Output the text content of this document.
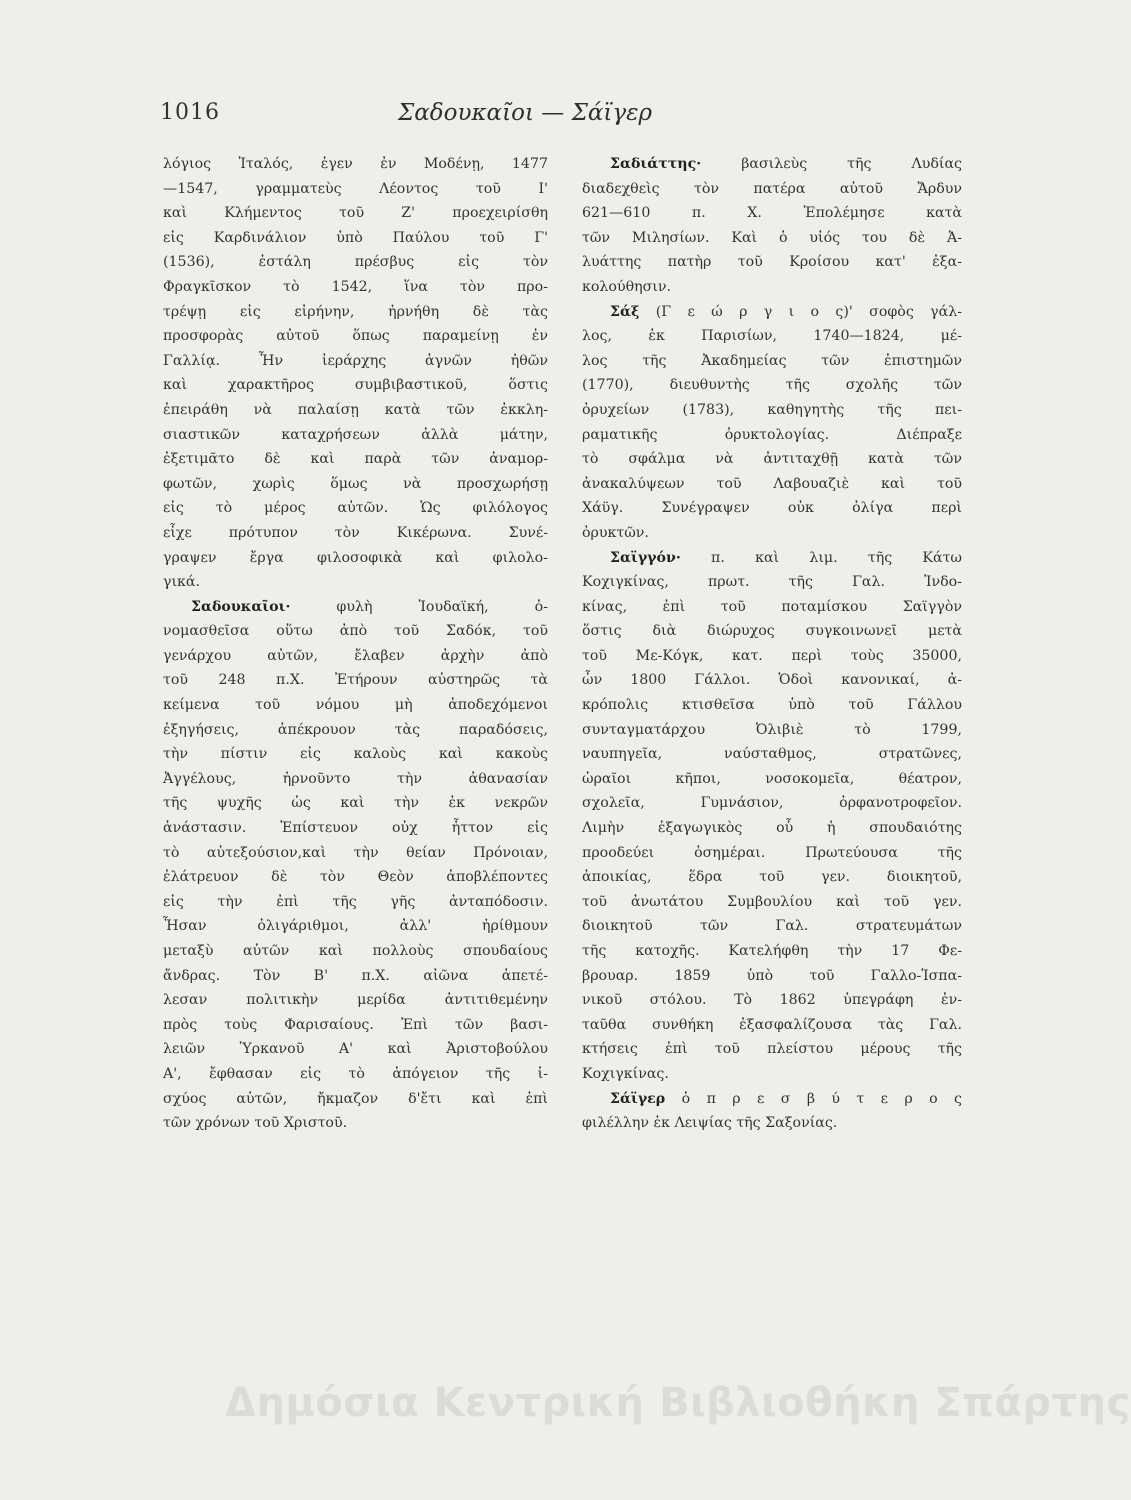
1016	Σαδουκαῖοι — Σάϊγερ
λόγιος Ἰταλός, ἐγεν ἐν Μοδένῃ, 1477
—1547, γραμματεὺς Λέοντος τοῦ Ι'
καὶ Κλήμεντος τοῦ Ζ' προεχειρίσθη
εἰς Καρδινάλιον ὑπὸ Παύλου τοῦ Γ'
(1536), ἐστάλη πρέσβυς εἰς τὸν
Φραγκῖσκον τὸ 1542, ἵνα τὸν προ-
τρέψῃ εἰς εἰρήνην, ἠρνήθη δὲ τὰς
προσφορὰς αὐτοῦ ὅπως παραμείνῃ ἐν
Γαλλίᾳ. Ἦν ἱεράρχης ἁγνῶν ἠθῶν
καὶ χαρακτῆρος συμβιβαστικοῦ, ὅστις
ἐπειράθη νὰ παλαίσῃ κατὰ τῶν ἐκκλη-
σιαστικῶν καταχρήσεων ἀλλὰ μάτην,
ἐξετιμᾶτο δὲ καὶ παρὰ τῶν ἀναμορ-
φωτῶν, χωρὶς ὅμως νὰ προσχωρήσῃ
εἰς τὸ μέρος αὐτῶν. Ὡς φιλόλογος
εἶχε πρότυπον τὸν Κικέρωνα. Συνέ-
γραψεν ἔργα φιλοσοφικὰ καὶ φιλολο-
γικά.
Σαδουκαῖοι· φυλὴ Ἰουδαϊκή, ὀ-
νομασθεῖσα οὕτω ἀπὸ τοῦ Σαδόκ, τοῦ
γενάρχου αὐτῶν, ἔλαβεν ἀρχὴν ἀπὸ
τοῦ 248 π.Χ. Ἐτήρουν αὐστηρῶς τὰ
κείμενα τοῦ νόμου μὴ ἀποδεχόμενοι
ἐξηγήσεις, ἀπέκρουον τὰς παραδόσεις,
τὴν πίστιν εἰς καλοὺς καὶ κακοὺς
Ἀγγέλους, ἠρνοῦντο τὴν ἀθανασίαν
τῆς ψυχῆς ὡς καὶ τὴν ἐκ νεκρῶν
ἀνάστασιν. Ἐπίστευον οὐχ ἧττον εἰς
τὸ αὐτεξούσιον,καὶ τὴν θείαν Πρόνοιαν,
ἐλάτρευον δὲ τὸν Θεὸν ἀποβλέποντες
εἰς τὴν ἐπὶ τῆς γῆς ἀνταπόδοσιν.
Ἦσαν ὀλιγάριθμοι, ἀλλ' ἠρίθμουν
μεταξὺ αὐτῶν καὶ πολλοὺς σπουδαίους
ἄνδρας. Τὸν Β' π.Χ. αἰῶνα ἀπετέ-
λεσαν πολιτικὴν μερίδα ἀντιτιθεμένην
πρὸς τοὺς Φαρισαίους. Ἐπὶ τῶν βασι-
λειῶν Ὑρκανοῦ Α' καὶ Ἀριστοβούλου
Α', ἔφθασαν εἰς τὸ ἀπόγειον τῆς ἰ-
σχύος αὐτῶν, ἤκμαζον δ'ἔτι καὶ ἐπὶ
τῶν χρόνων τοῦ Χριστοῦ.
Σαδιάττης· βασιλεὺς τῆς Λυδίας
διαδεχθεὶς τὸν πατέρα αὐτοῦ Ἄρδυν
621—610 π. Χ. Ἐπολέμησε κατὰ
τῶν Μιλησίων. Καὶ ὁ υἱός του δὲ Ἀ-
λυάττης πατὴρ τοῦ Κροίσου κατ' ἐξα-
κολούθησιν.
Σάξ (Γ ε ώ ρ γ ι ο ς)' σοφὸς γάλ-
λος, ἐκ Παρισίων, 1740—1824, μέ-
λος τῆς Ἀκαδημείας τῶν ἐπιστημῶν
(1770), διευθυντὴς τῆς σχολῆς τῶν
ὀρυχείων (1783), καθηγητὴς τῆς πει-
ραματικῆς ὀρυκτολογίας. Διέπραξε
τὸ σφάλμα νὰ ἀντιταχθῇ κατὰ τῶν
ἀνακαλύψεων τοῦ Λαβουαζιὲ καὶ τοῦ
Χάϋγ. Συνέγραψεν οὐκ ὀλίγα περὶ
ὀρυκτῶν.
Σαϊγγόν· π. καὶ λιμ. τῆς Κάτω
Κοχιγκίνας, πρωτ. τῆς Γαλ. Ἰνδο-
κίνας, ἐπὶ τοῦ ποταμίσκου Σαϊγγὸν
ὅστις διὰ διώρυχος συγκοινωνεῖ μετὰ
τοῦ Με-Κόγκ, κατ. περὶ τοὺς 35000,
ὧν 1800 Γάλλοι. Ὁδοὶ κανονικαί, ἀ-
κρόπολις κτισθεῖσα ὑπὸ τοῦ Γάλλου
συνταγματάρχου Ὀλιβιὲ τὸ 1799,
ναυπηγεῖα, ναύσταθμος, στρατῶνες,
ὡραῖοι κῆποι, νοσοκομεῖα, θέατρον,
σχολεῖα, Γυμνάσιον, ὀρφανοτροφεῖον.
Λιμὴν ἐξαγωγικὸς οὗ ἡ σπουδαιότης
προοδεύει ὁσημέραι. Πρωτεύουσα τῆς
ἀποικίας, ἕδρα τοῦ γεν. διοικητοῦ,
τοῦ ἀνωτάτου Συμβουλίου καὶ τοῦ γεν.
διοικητοῦ τῶν Γαλ. στρατευμάτων
τῆς κατοχῆς. Κατελήφθη τὴν 17 Φε-
βρουαρ. 1859 ὑπὸ τοῦ Γαλλο-Ἱσπα-
νικοῦ στόλου. Τὸ 1862 ὑπεγράφη ἐν-
ταῦθα συνθήκη ἐξασφαλίζουσα τὰς Γαλ.
κτήσεις ἐπὶ τοῦ πλείστου μέρους τῆς
Κοχιγκίνας.
Σάϊγερ ὁ π ρ ε σ β ύ τ ε ρ ο ς
φιλέλλην ἐκ Λειψίας τῆς Σαξονίας.
Δημόσια Κεντρική Βιβλιοθήκη Σπάρτης
